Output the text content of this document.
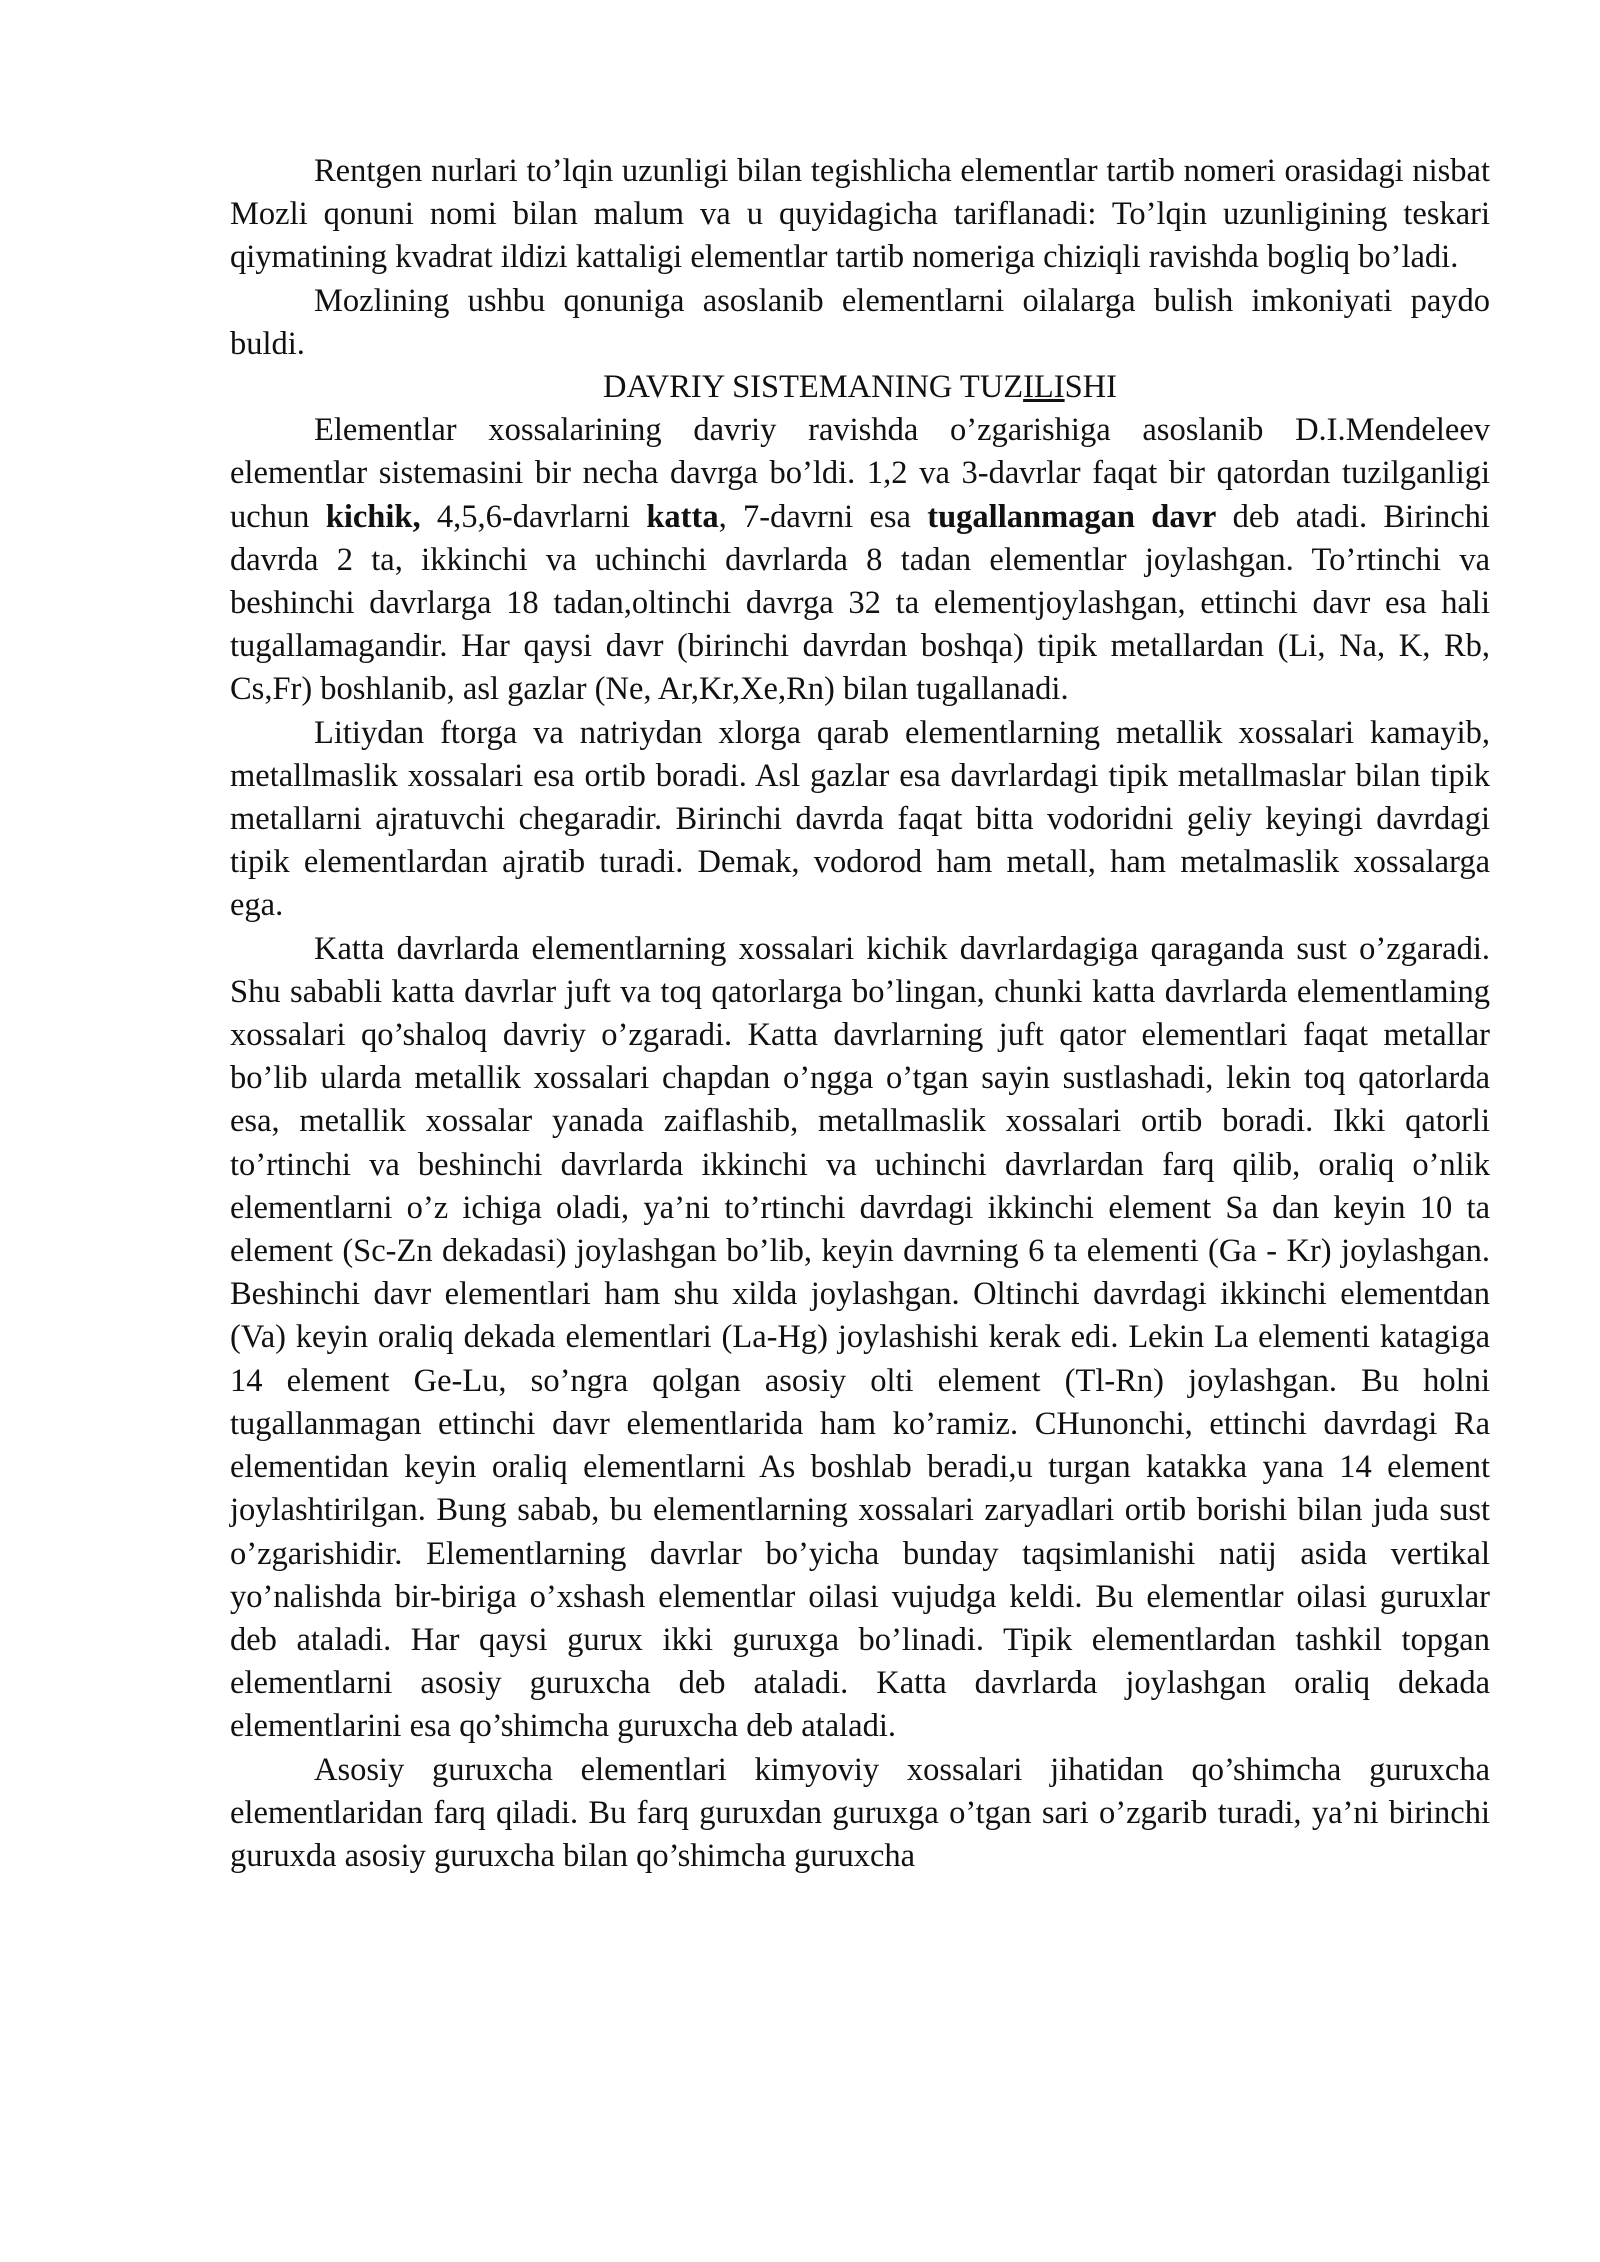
Rentgen nurlari to’lqin uzunligi bilan tegishlicha elementlar tartib nomeri orasidagi nisbat Mozli qonuni nomi bilan malum va u quyidagicha tariflanadi: To’lqin uzunligining teskari qiymatining kvadrat ildizi kattaligi elementlar tartib nomeriga chiziqli ravishda bogliq bo’ladi.

Mozlining ushbu qonuniga asoslanib elementlarni oilalarga bulish imkoniyati paydo buldi.

DAVRIY SISTEMANING TUZILISHI

Elementlar xossalarining davriy ravishda o’zgarishiga asoslanib D.I.Mendeleev elementlar sistemasini bir necha davrga bo’ldi. 1,2 va 3-davrlar faqat bir qatordan tuzilganligi uchun kichik, 4,5,6-davrlarni katta, 7-davrni esa tugallanmagan davr deb atadi. Birinchi davrda 2 ta, ikkinchi va uchinchi davrlarda 8 tadan elementlar joylashgan. To’rtinchi va beshinchi davrlarga 18 tadan,oltinchi davrga 32 ta elementjoylashgan, ettinchi davr esa hali tugallamagandir. Har qaysi davr (birinchi davrdan boshqa) tipik metallardan (Li, Na, K, Rb, Cs,Fr) boshlanib, asl gazlar (Ne, Ar,Kr,Xe,Rn) bilan tugallanadi.

Litiydan ftorga va natriydan xlorga qarab elementlarning metallik xossalari kamayib, metallmaslik xossalari esa ortib boradi. Asl gazlar esa davrlardagi tipik metallmaslar bilan tipik metallarni ajratuvchi chegaradir. Birinchi davrda faqat bitta vodoridni geliy keyingi davrdagi tipik elementlardan ajratib turadi. Demak, vodorod ham metall, ham metalmaslik xossalarga ega.

Katta davrlarda elementlarning xossalari kichik davrlardagiga qaraganda sust o’zgaradi. Shu sababli katta davrlar juft va toq qatorlarga bo’lingan, chunki katta davrlarda elementlaming xossalari qo’shaloq davriy o’zgaradi. Katta davrlarning juft qator elementlari faqat metallar bo’lib ularda metallik xossalari chapdan o’ngga o’tgan sayin sustlashadi, lekin toq qatorlarda esa, metallik xossalar yanada zaiflashib, metallmaslik xossalari ortib boradi. Ikki qatorli to’rtinchi va beshinchi davrlarda ikkinchi va uchinchi davrlardan farq qilib, oraliq o’nlik elementlarni o’z ichiga oladi, ya’ni to’rtinchi davrdagi ikkinchi element Sa dan keyin 10 ta element (Sc-Zn dekadasi) joylashgan bo’lib, keyin davrning 6 ta elementi (Ga - Kr) joylashgan. Beshinchi davr elementlari ham shu xilda joylashgan. Oltinchi davrdagi ikkinchi elementdan (Va) keyin oraliq dekada elementlari (La-Hg) joylashishi kerak edi. Lekin La elementi katagiga 14 element Ge-Lu, so’ngra qolgan asosiy olti element (Tl-Rn) joylashgan. Bu holni tugallanmagan ettinchi davr elementlarida ham ko’ramiz. CHunonchi, ettinchi davrdagi Ra elementidan keyin oraliq elementlarni As boshlab beradi,u turgan katakka yana 14 element joylashtirilgan. Bung sabab, bu elementlarning xossalari zaryadlari ortib borishi bilan juda sust o’zgarishidir. Elementlarning davrlar bo’yicha bunday taqsimlanishi natij asida vertikal yo’nalishda bir-biriga o’xshash elementlar oilasi vujudga keldi. Bu elementlar oilasi guruxlar deb ataladi. Har qaysi gurux ikki guruxga bo’linadi. Tipik elementlardan tashkil topgan elementlarni asosiy guruxcha deb ataladi. Katta davrlarda joylashgan oraliq dekada elementlarini esa qo’shimcha guruxcha deb ataladi.

Asosiy guruxcha elementlari kimyoviy xossalari jihatidan qo’shimcha guruxcha elementlaridan farq qiladi. Bu farq guruxdan guruxga o’tgan sari o’zgarib turadi, ya’ni birinchi guruxda asosiy guruxcha bilan qo’shimcha guruxcha
